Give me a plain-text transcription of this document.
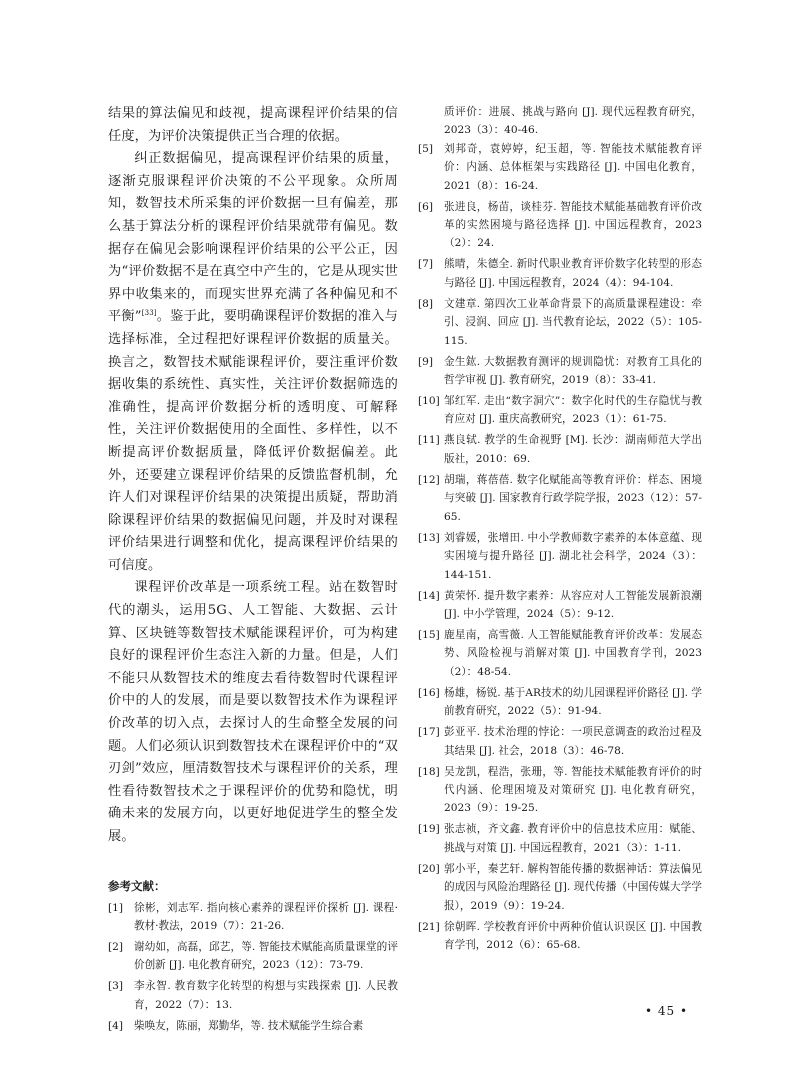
结果的算法偏见和歧视，提高课程评价结果的信任度，为评价决策提供正当合理的依据。

纠正数据偏见，提高课程评价结果的质量，逐渐克服课程评价决策的不公平现象。众所周知，数智技术所采集的评价数据一旦有偏差，那么基于算法分析的课程评价结果就带有偏见。数据存在偏见会影响课程评价结果的公平公正，因为“评价数据不是在真空中产生的，它是从现实世界中收集来的，而现实世界充满了各种偏见和不平衡”[33]。鉴于此，要明确课程评价数据的准入与选择标准，全过程把好课程评价数据的质量关。换言之，数智技术赋能课程评价，要注重评价数据收集的系统性、真实性，关注评价数据筛选的准确性，提高评价数据分析的透明度、可解释性，关注评价数据使用的全面性、多样性，以不断提高评价数据质量，降低评价数据偏差。此外，还要建立课程评价结果的反馈监督机制，允许人们对课程评价结果的决策提出质疑，帮助消除课程评价结果的数据偏见问题，并及时对课程评价结果进行调整和优化，提高课程评价结果的可信度。

课程评价改革是一项系统工程。站在数智时代的潮头，运用5G、人工智能、大数据、云计算、区块链等数智技术赋能课程评价，可为构建良好的课程评价生态注入新的力量。但是，人们不能只从数智技术的维度去看待数智时代课程评价中的人的发展，而是要以数智技术作为课程评价改革的切入点，去探讨人的生命整全发展的问题。人们必须认识到数智技术在课程评价中的“双刃剑”效应，厘清数智技术与课程评价的关系，理性看待数智技术之于课程评价的优势和隐忧，明确未来的发展方向，以更好地促进学生的整全发展。

参考文献：
[1]	徐彬，刘志军. 指向核心素养的课程评价探析 [J]. 课程·教材·教法，2019（7）：21-26.
[2]	谢幼如，高磊，邱艺，等. 智能技术赋能高质量课堂的评价创新 [J]. 电化教育研究，2023（12）：73-79.
[3]	李永智. 教育数字化转型的构想与实践探索 [J]. 人民教育，2022（7）：13.
[4]	柴唤友，陈丽，郑勤华，等. 技术赋能学生综合素
质评价：进展、挑战与路向 [J]. 现代远程教育研究，2023（3）：40-46.
[5]	刘邦奇，袁婷婷，纪玉超，等. 智能技术赋能教育评价：内涵、总体框架与实践路径 [J]. 中国电化教育，2021（8）：16-24.
[6]	张进良，杨苗，谈桂芬. 智能技术赋能基础教育评价改革的实然困境与路径选择 [J]. 中国远程教育，2023（2）：24.
[7]	熊晴，朱德全. 新时代职业教育评价数字化转型的形态与路径 [J]. 中国远程教育，2024（4）：94-104.
[8]	文建章. 第四次工业革命背景下的高质量课程建设：牵引、浸润、回应 [J]. 当代教育论坛，2022（5）：105-115.
[9]	金生鈜. 大数据教育测评的规训隐忧：对教育工具化的哲学审视 [J]. 教育研究，2019（8）：33-41.
[10] 邹红军. 走出“数字洞穴”：数字化时代的生存隐忧与教育应对 [J]. 重庆高教研究，2023（1）：61-75.
[11] 燕良轼. 教学的生命视野 [M]. 长沙：湖南师范大学出版社，2010：69.
[12] 胡瑞，蒋蓓蓓. 数字化赋能高等教育评价：样态、困境与突破 [J]. 国家教育行政学院学报，2023（12）：57-65.
[13] 刘睿媛，张增田. 中小学教师数字素养的本体意蕴、现实困境与提升路径 [J]. 湖北社会科学，2024（3）：144-151.
[14] 黄荣怀. 提升数字素养：从容应对人工智能发展新浪潮 [J]. 中小学管理，2024（5）：9-12.
[15] 鹿星南，高雪薇. 人工智能赋能教育评价改革：发展态势、风险检视与消解对策 [J]. 中国教育学刊，2023（2）：48-54.
[16] 杨雄，杨锐. 基于AR技术的幼儿园课程评价路径 [J]. 学前教育研究，2022（5）：91-94.
[17] 彭亚平. 技术治理的悖论：一项民意调查的政治过程及其结果 [J]. 社会，2018（3）：46-78.
[18] 吴龙凯，程浩，张珊，等. 智能技术赋能教育评价的时代内涵、伦理困境及对策研究 [J]. 电化教育研究，2023（9）：19-25.
[19] 张志祯，齐文鑫. 教育评价中的信息技术应用：赋能、挑战与对策 [J]. 中国远程教育，2021（3）：1-11.
[20] 郭小平，秦艺轩. 解构智能传播的数据神话：算法偏见的成因与风险治理路径 [J]. 现代传播（中国传媒大学学报），2019（9）：19-24.
[21] 徐朝晖. 学校教育评价中两种价值认识误区 [J]. 中国教育学刊，2012（6）：65-68.
• 45 •
